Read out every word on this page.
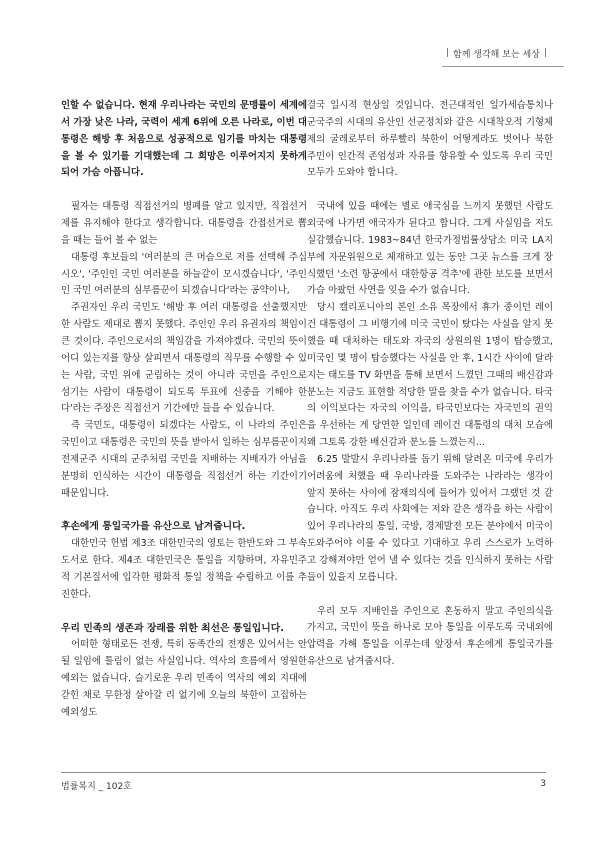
| 함께 생각해 보는 세상 |

인할 수 없습니다. 현재 우리나라는 국민의 문맹률이 세계에서 가장 낮은 나라, 국력이 세계 6위에 오른 나라로, 이번 대통령은 해방 후 처음으로 성공적으로 임기를 마치는 대통령을 볼 수 있기를 기대했는데 그 희망은 이루어지지 못하게 되어 가슴 아픕니다.

필자는 대통령 직접선거의 병폐를 알고 있지만, 직접선거제를 유지해야 한다고 생각합니다. 대통령을 간접선거로 뽑을 때는 들어 볼 수 없는

대통령 후보들의 '여러분의 큰 머슴으로 저를 선택해 주십시오', '주인인 국민 여러분을 하늘같이 모시겠습니다', '주인인 국민 여러분의 심부름꾼이 되겠습니다'라는 공약이나,

주권자인 우리 국민도 '해방 후 여러 대통령을 선출했지만 한 사람도 제대로 뽑지 못했다. 주인인 우리 유권자의 책임이 큰 것이다. 주인으로서의 책임감을 가져야겠다. 국민의 뜻이 어디 있는지를 항상 살피면서 대통령의 직무를 수행할 수 있는 사람, 국민 위에 군림하는 것이 아니라 국민을 주인으로 섬기는 사람이 대통령이 되도록 투표에 신중을 기해야 한다'라는 주장은 직접선거 기간에만 들을 수 있습니다.

즉 국민도, 대통령이 되겠다는 사람도, 이 나라의 주인은 국민이고 대통령은 국민의 뜻을 받아서 일하는 심부름꾼이지 전제군주 시대의 군주처럼 국민을 지배하는 지배자가 아님을 분명히 인식하는 시간이 대통령을 직접선거 하는 기간이기 때문입니다.

후손에게 통일국가를 유산으로 남겨줍니다.

대한민국 헌법 제3조 대한민국의 영토는 한반도와 그 부속도서로 한다. 제4조 대한민국은 통일을 지향하며, 자유민주적 기본질서에 입각한 평화적 통일 정책을 수립하고 이를 추진한다.

우리 민족의 생존과 장래를 위한 최선은 통일입니다.

어떠한 형태로든 전쟁, 특히 동족간의 전쟁은 있어서는 안 될 일임에 틀림이 없는 사실입니다. 역사의 흐름에서 영원한 예외는 없습니다. 슬기로운 우리 민족이 역사의 예외 지대에 갇힌 채로 무한정 살아갈 리 없기에 오늘의 북한이 고집하는 예외성도

결국 일시적 현상일 것입니다. 전근대적인 일가세습통치나 군국주의 시대의 유산인 선군정치와 같은 시대착오적 기형체제의 굴레로부터 하루빨리 북한이 어떻게라도 벗어나 북한 주민이 인간적 존엄성과 자유를 향유할 수 있도록 우리 국민 모두가 도와야 합니다.

국내에 있을 때에는 별로 애국심을 느끼지 못했던 사람도 외국에 나가면 애국자가 된다고 합니다. 그게 사실임을 저도 실감했습니다. 1983~84년 한국가정법률상담소 미국 LA지부에 자문위원으로 체재하고 있는 동안 그곳 뉴스를 크게 장식했던 '소련 항공에서 대한항공 격추'에 관한 보도를 보면서 가슴 아팠던 사연을 잊을 수가 없습니다.

당시 캘리포니아의 본인 소유 목장에서 휴가 중이던 레이건 대통령이 그 비행기에 미국 국민이 탔다는 사실을 알지 못했을 때 대처하는 태도와 자국의 상원의원 1명이 탑승했고, 미국인 몇 명이 탑승했다는 사실을 안 후, 1시간 사이에 달라지는 태도를 TV 화면을 통해 보면서 느꼈던 그때의 배신감과 분노는 지금도 표현할 적당한 말을 찾을 수가 없습니다. 타국의 이익보다는 자국의 이익을, 타국민보다는 자국민의 권익을 우선하는 게 당연한 일인데 레이건 대통령의 대처 모습에 왜 그토록 강한 배신감과 분노를 느꼈는지...

6.25 발발시 우리나라를 돕기 위해 달려온 미국에 우리가 어려움에 처했을 때 우리나라를 도와주는 나라라는 생각이 앞지 못하는 사이에 잠재의식에 들어가 있어서 그랬던 것 같습니다. 아직도 우리 사회에는 저와 같은 생각을 하는 사람이 있어 우리나라의 통일, 국방, 경제발전 모든 분야에서 미국이 도와주어야 이룰 수 있다고 기대하고 우리 스스로가 노력하고 강해져야만 얻어 낼 수 있다는 것을 인식하지 못하는 사람들이 있을지 모릅니다.

우리 모두 지배인을 주인으로 혼동하지 말고 주인의식을 가지고, 국민이 뜻을 하나로 모아 통일을 이루도록 국내외에 압력을 가해 통일을 이루는데 앞장서 후손에게 통일국가를 유산으로 남겨줍시다.

법률복지 _ 102호	3
